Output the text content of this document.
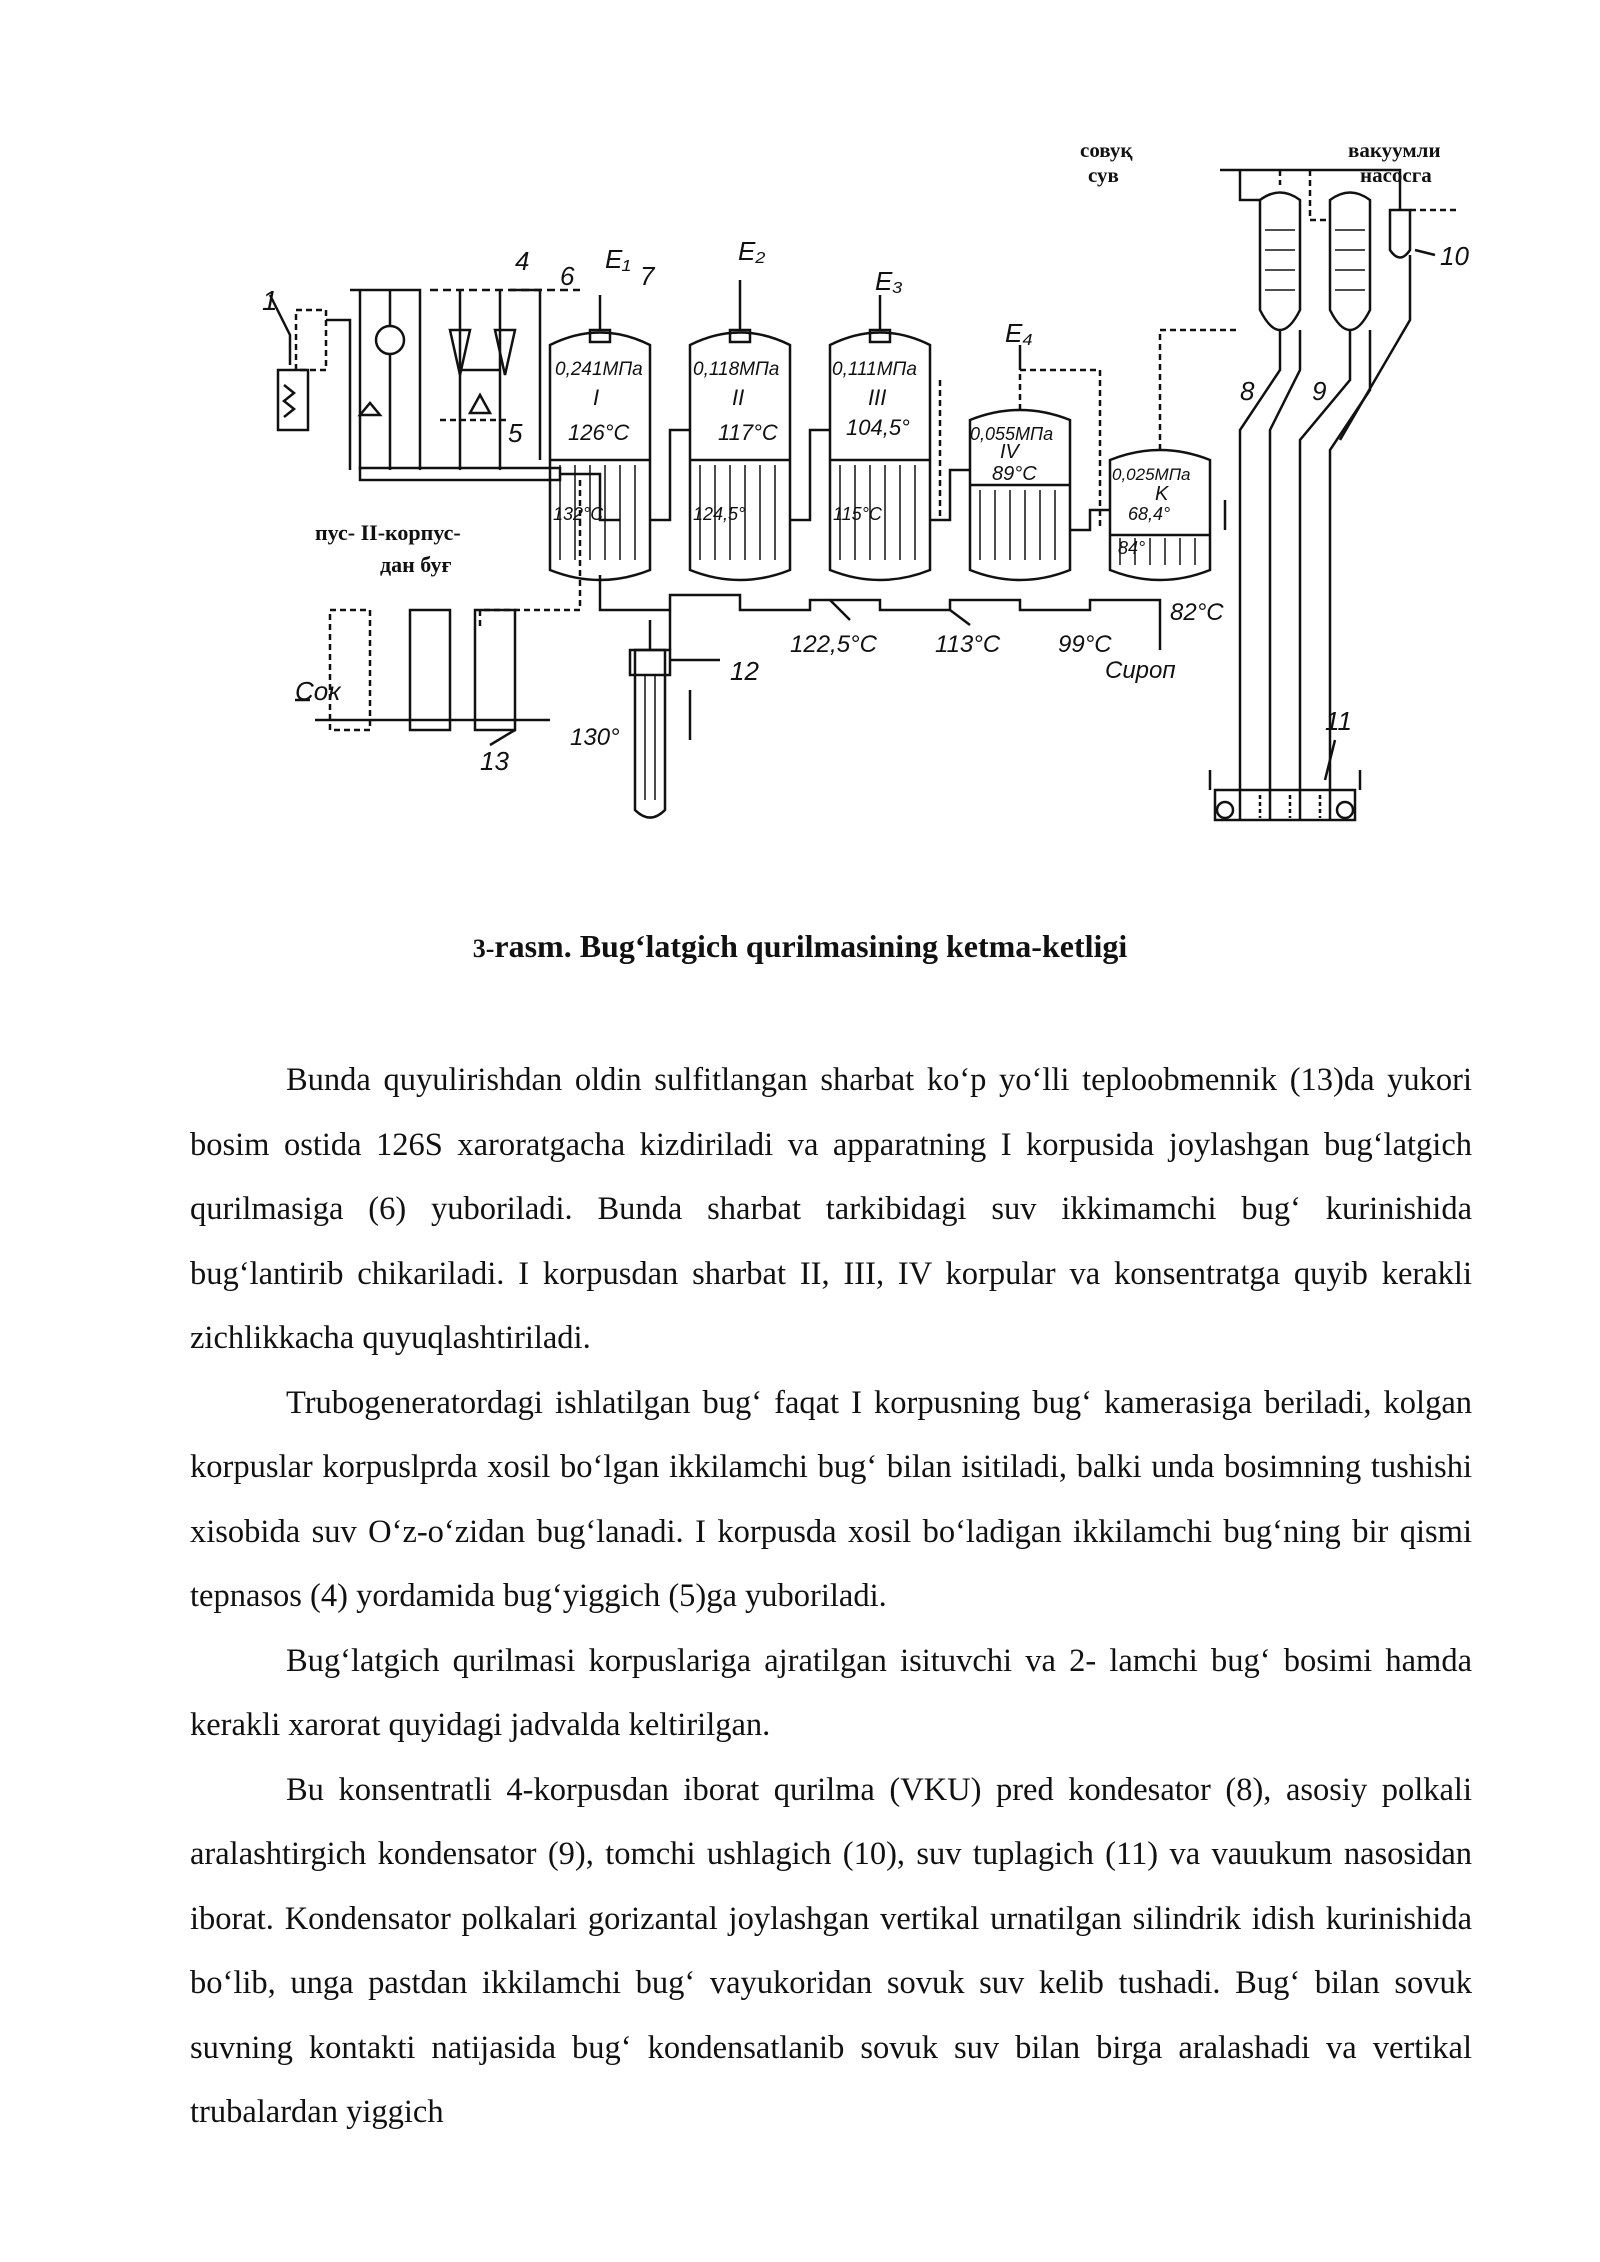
1
4
5
пус- II-корпус-
дан буғ
Сок
13
0,241МПа
I
126°С
132°С
6	7
E₁
0,118МПа
II
117°С
124,5°
E₂
0,111МПа
III
104,5°
115°С
E₃
0,055МПа
IV
89°С
E₄
0,025МПа
K
68,4°
84°
122,5°С 113°С 99°С
82°С
Сироп
12
130°
совуқ
сув
вакуумли
насосга
8 9
10
11
3-rasm. Bug‘latgich qurilmasining ketma-ketligi

Bunda quyulirishdan oldin sulfitlangan sharbat ko‘p yo‘lli teploobmennik (13)da yukori bosim ostida 126S xaroratgacha kizdiriladi va apparatning I korpusida joylashgan bug‘latgich qurilmasiga (6) yuboriladi. Bunda sharbat tarkibidagi suv ikkimamchi bug‘ kurinishida bug‘lantirib chikariladi. I korpusdan sharbat II, III, IV korpular va konsentratga quyib kerakli zichlikkacha quyuqlashtiriladi.

Trubogeneratordagi ishlatilgan bug‘ faqat I korpusning bug‘ kamerasiga beriladi, kolgan korpuslar korpuslprda xosil bo‘lgan ikkilamchi bug‘ bilan isitiladi, balki unda bosimning tushishi xisobida suv O‘z-o‘zidan bug‘lanadi. I korpusda xosil bo‘ladigan ikkilamchi bug‘ning bir qismi tepnasos (4) yordamida bug‘yiggich (5)ga yuboriladi.

Bug‘latgich qurilmasi korpuslariga ajratilgan isituvchi va 2- lamchi bug‘ bosimi hamda kerakli xarorat quyidagi jadvalda keltirilgan.

Bu konsentratli 4-korpusdan iborat qurilma (VKU) pred kondesator (8), asosiy polkali aralashtirgich kondensator (9), tomchi ushlagich (10), suv tuplagich (11) va vauukum nasosidan iborat. Kondensator polkalari gorizantal joylashgan vertikal urnatilgan silindrik idish kurinishida bo‘lib, unga pastdan ikkilamchi bug‘ vayukoridan sovuk suv kelib tushadi. Bug‘ bilan sovuk suvning kontakti natijasida bug‘ kondensatlanib sovuk suv bilan birga aralashadi va vertikal trubalardan yiggich
